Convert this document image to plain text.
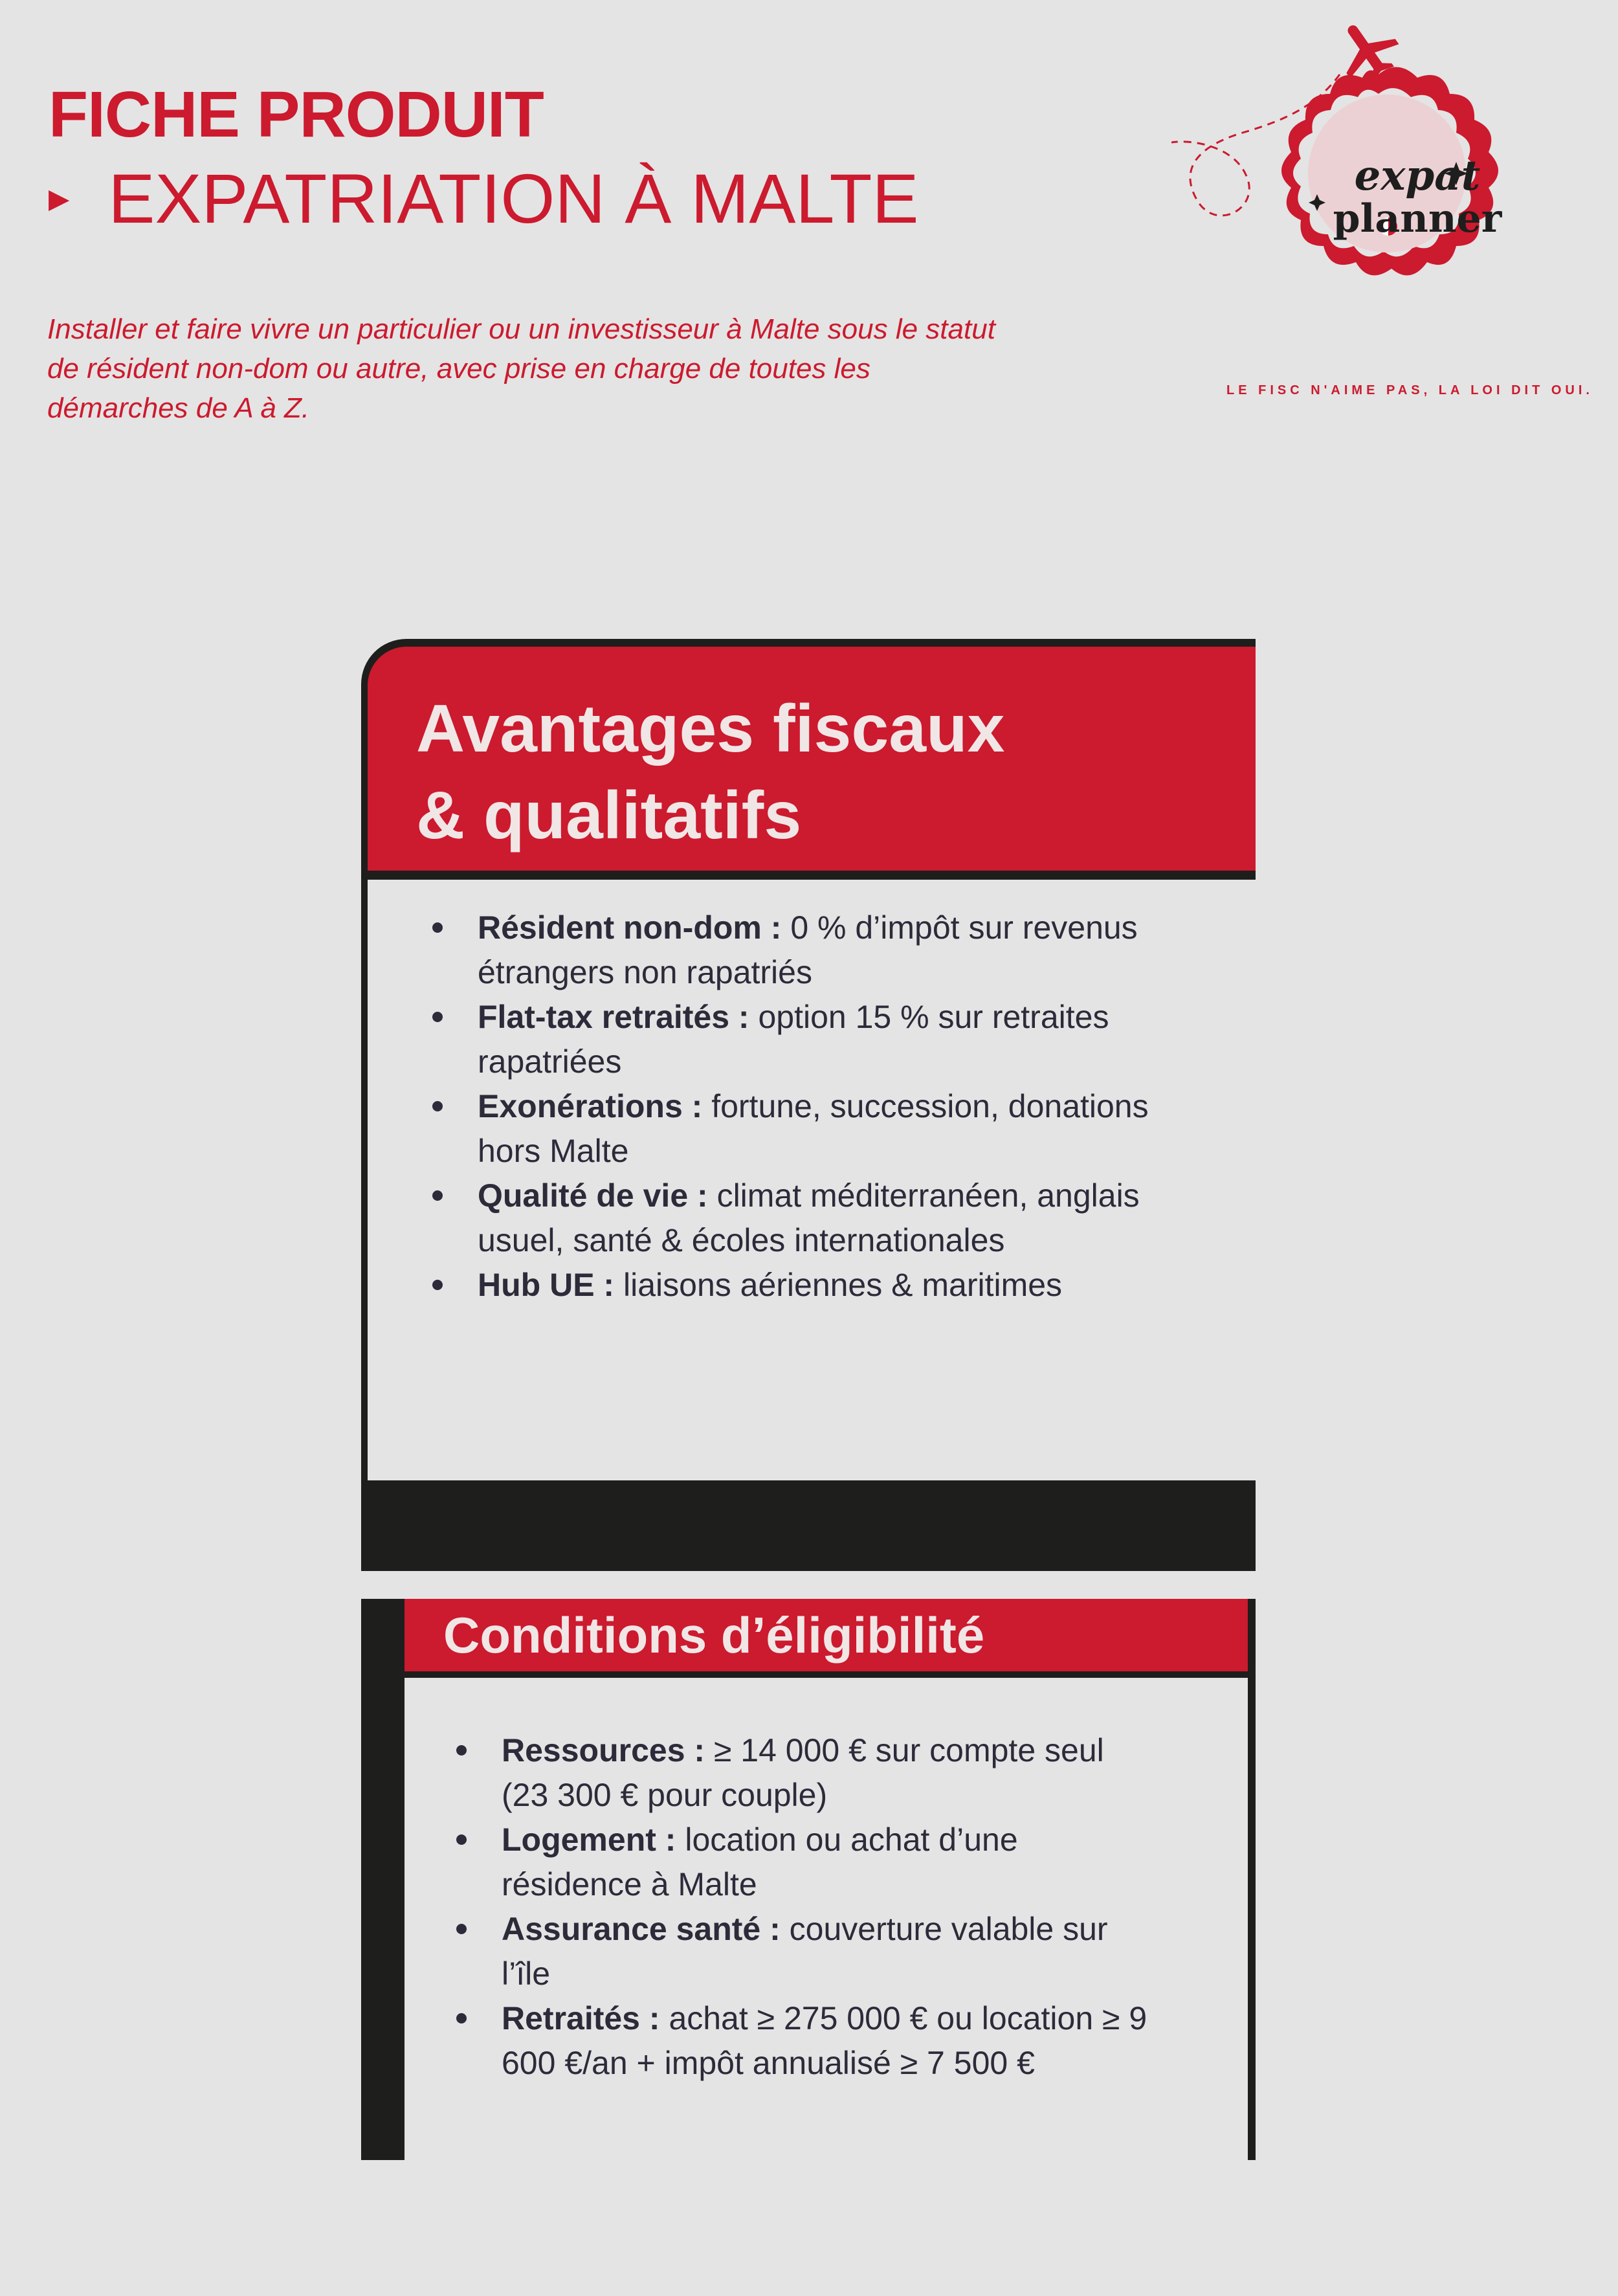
FICHE PRODUIT
▶ EXPATRIATION À MALTE

Installer et faire vivre un particulier ou un investisseur à Malte sous le statut de résident non-dom ou autre, avec prise en charge de toutes les démarches de A à Z.

expat
planner
LE FISC N'AIME PAS, LA LOI DIT OUI.
Avantages fiscaux
& qualitatifs
Résident non-dom : 0 % d’impôt sur revenus étrangers non rapatriés
Flat-tax retraités : option 15 % sur retraites rapatriées
Exonérations : fortune, succession, donations hors Malte
Qualité de vie : climat méditerranéen, anglais usuel, santé & écoles internationales
Hub UE : liaisons aériennes & maritimes
Conditions d’éligibilité
Ressources : ≥ 14 000 € sur compte seul (23 300 € pour couple)
Logement : location ou achat d’une résidence à Malte
Assurance santé : couverture valable sur l’île
Retraités : achat ≥ 275 000 € ou location ≥ 9 600 €/an + impôt annualisé ≥ 7 500 €
